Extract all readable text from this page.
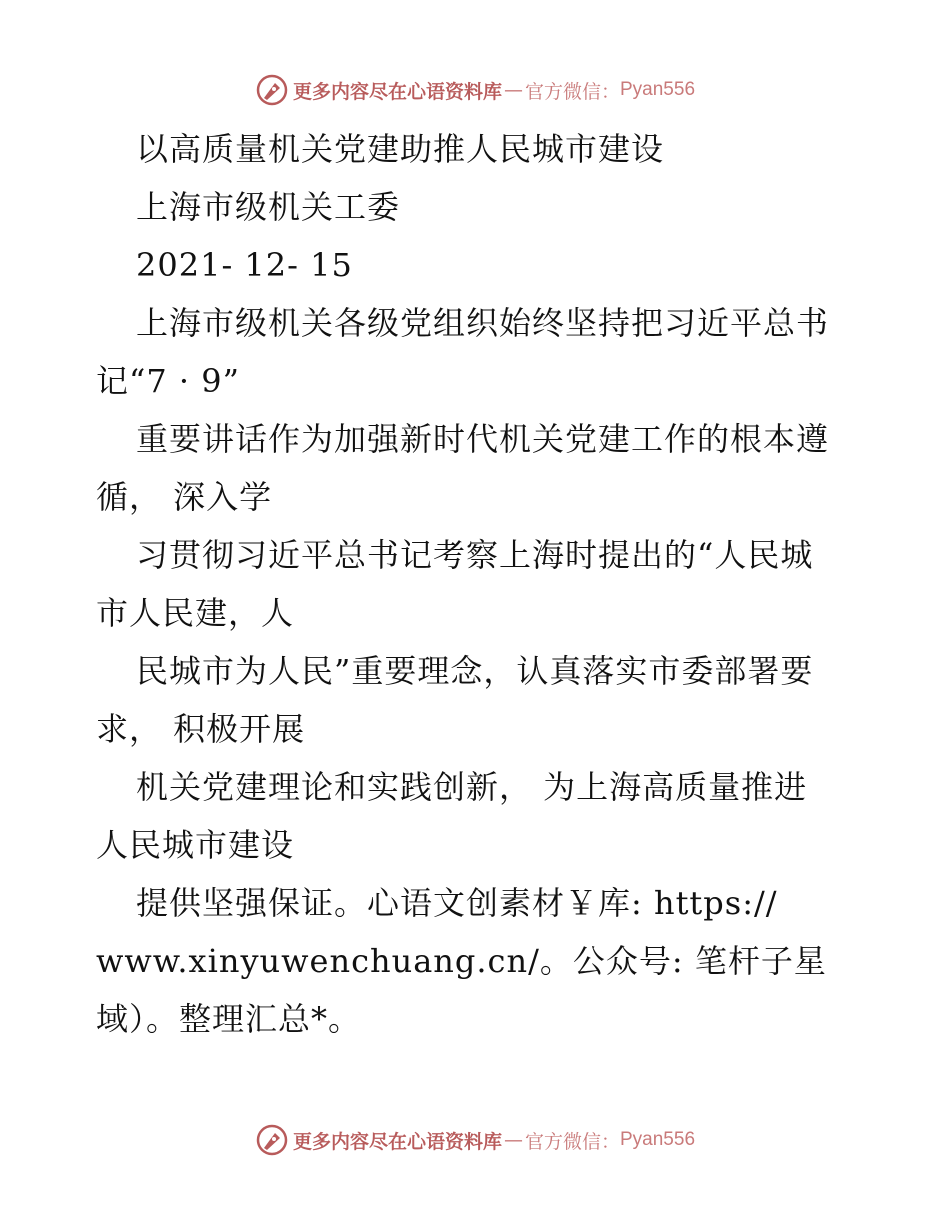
更多内容尽在心语资料库 — 官方微信： Pyan556
以高质量机关党建助推人民城市建设
上海市级机关工委
2021- 12- 15
上海市级机关各级党组织始终坚持把习近平总书
记“7 · 9”
重要讲话作为加强新时代机关党建工作的根本遵
循， 深入学
习贯彻习近平总书记考察上海时提出的“人民城
市人民建，人
民城市为人民”重要理念，认真落实市委部署要
求， 积极开展
机关党建理论和实践创新， 为上海高质量推进
人民城市建设
提供坚强保证。心语文创素材￥库: https://
www.xinyuwenchuang.cn/。公众号: 笔杆子星
域）。整理汇总*。
更多内容尽在心语资料库 — 官方微信： Pyan556
